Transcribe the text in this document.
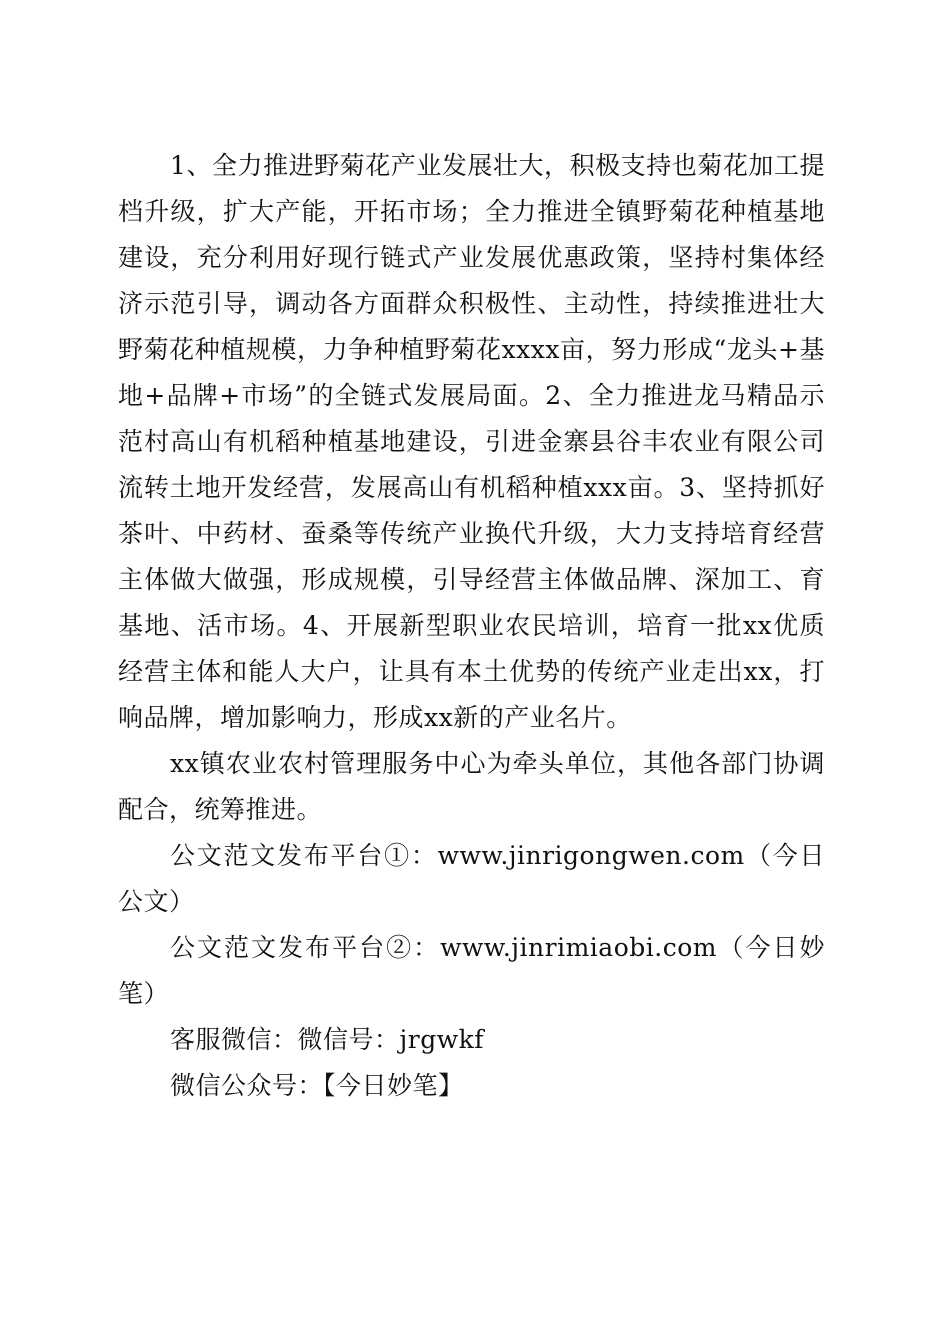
1、全力推进野菊花产业发展壮大，积极支持也菊花加工提档升级，扩大产能，开拓市场；全力推进全镇野菊花种植基地建设，充分利用好现行链式产业发展优惠政策，坚持村集体经济示范引导，调动各方面群众积极性、主动性，持续推进壮大野菊花种植规模，力争种植野菊花xxxx亩，努力形成“龙头+基地+品牌+市场”的全链式发展局面。2、全力推进龙马精品示范村高山有机稻种植基地建设，引进金寨县谷丰农业有限公司流转土地开发经营，发展高山有机稻种植xxx亩。3、坚持抓好茶叶、中药材、蚕桑等传统产业换代升级，大力支持培育经营主体做大做强，形成规模，引导经营主体做品牌、深加工、育基地、活市场。4、开展新型职业农民培训，培育一批xx优质经营主体和能人大户，让具有本土优势的传统产业走出xx，打响品牌，增加影响力，形成xx新的产业名片。

xx镇农业农村管理服务中心为牵头单位，其他各部门协调配合，统筹推进。

公文范文发布平台①：www.jinrigongwen.com（今日公文）

公文范文发布平台②：www.jinrimiaobi.com（今日妙笔）

客服微信：微信号：jrgwkf

微信公众号：【今日妙笔】
